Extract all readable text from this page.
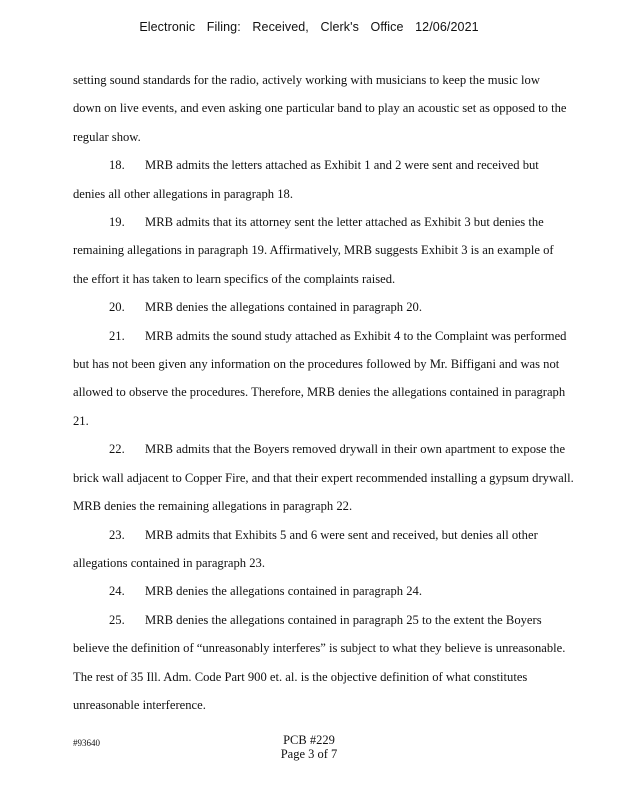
Electronic Filing: Received, Clerk's Office 12/06/2021

setting sound standards for the radio, actively working with musicians to keep the music low
down on live events, and even asking one particular band to play an acoustic set as opposed to the
regular show.

18. MRB admits the letters attached as Exhibit 1 and 2 were sent and received but
denies all other allegations in paragraph 18.

19. MRB admits that its attorney sent the letter attached as Exhibit 3 but denies the
remaining allegations in paragraph 19. Affirmatively, MRB suggests Exhibit 3 is an example of
the effort it has taken to learn specifics of the complaints raised.

20. MRB denies the allegations contained in paragraph 20.

21. MRB admits the sound study attached as Exhibit 4 to the Complaint was performed
but has not been given any information on the procedures followed by Mr. Biffigani and was not
allowed to observe the procedures. Therefore, MRB denies the allegations contained in paragraph
21.

22. MRB admits that the Boyers removed drywall in their own apartment to expose the
brick wall adjacent to Copper Fire, and that their expert recommended installing a gypsum drywall.
MRB denies the remaining allegations in paragraph 22.

23. MRB admits that Exhibits 5 and 6 were sent and received, but denies all other
allegations contained in paragraph 23.

24. MRB denies the allegations contained in paragraph 24.

25. MRB denies the allegations contained in paragraph 25 to the extent the Boyers
believe the definition of “unreasonably interferes” is subject to what they believe is unreasonable.
The rest of 35 Ill. Adm. Code Part 900 et. al. is the objective definition of what constitutes
unreasonable interference.

#93640	PCB #229
Page 3 of 7
